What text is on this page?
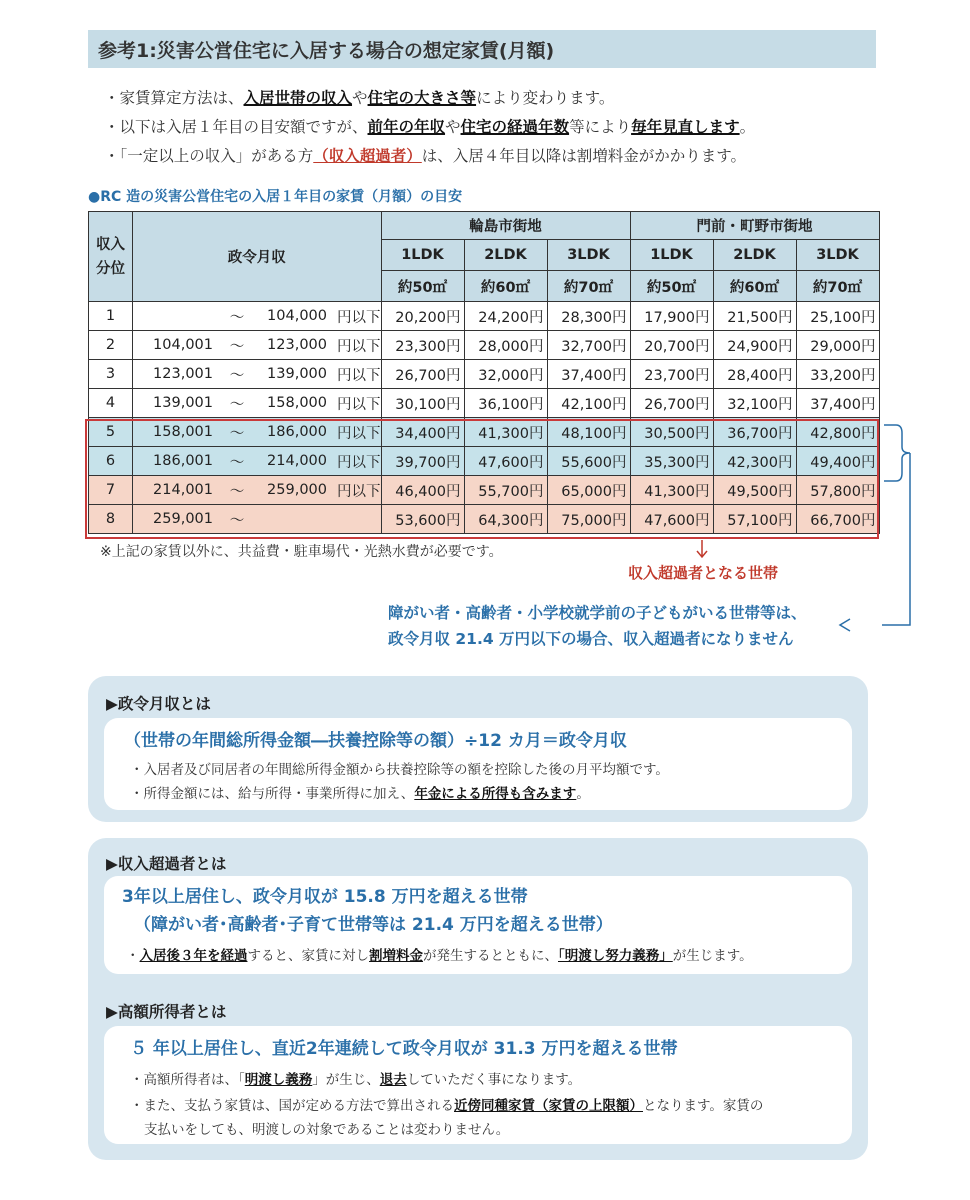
参考1:災害公営住宅に入居する場合の想定家賃(月額)
・家賃算定方法は、入居世帯の収入や住宅の大きさ等により変わります。
・以下は入居１年目の目安額ですが、前年の年収や住宅の経過年数等により毎年見直します。
・「一定以上の収入」がある方（収入超過者）は、入居４年目以降は割増料金がかかります。
●RC 造の災害公営住宅の入居１年目の家賃（月額）の目安
収入
分位	政令月収	輪島市街地			門前・町野市街地		
		1LDK	2LDK	3LDK	1LDK	2LDK	3LDK
		約50㎡	約60㎡	約70㎡	約50㎡	約60㎡	約70㎡
1	～ 104,000 円以下	20,200円	24,200円	28,300円	17,900円	21,500円	25,100円
2	104,001 ～ 123,000 円以下	23,300円	28,000円	32,700円	20,700円	24,900円	29,000円
3	123,001 ～ 139,000 円以下	26,700円	32,000円	37,400円	23,700円	28,400円	33,200円
4	139,001 ～ 158,000 円以下	30,100円	36,100円	42,100円	26,700円	32,100円	37,400円
5	158,001 ～ 186,000 円以下	34,400円	41,300円	48,100円	30,500円	36,700円	42,800円
6	186,001 ～ 214,000 円以下	39,700円	47,600円	55,600円	35,300円	42,300円	49,400円
7	214,001 ～ 259,000 円以下	46,400円	55,700円	65,000円	41,300円	49,500円	57,800円
8	259,001 ～	53,600円	64,300円	75,000円	47,600円	57,100円	66,700円
※上記の家賃以外に、共益費・駐車場代・光熱水費が必要です。
収入超過者となる世帯
障がい者・高齢者・小学校就学前の子どもがいる世帯等は、
政令月収 21.4 万円以下の場合、収入超過者になりません
▶政令月収とは
（世帯の年間総所得金額―扶養控除等の額）÷12 カ月＝政令月収
・入居者及び同居者の年間総所得金額から扶養控除等の額を控除した後の月平均額です。
・所得金額には、給与所得・事業所得に加え、年金による所得も含みます。
▶収入超過者とは
3年以上居住し、政令月収が 15.8 万円を超える世帯
（障がい者･高齢者･子育て世帯等は 21.4 万円を超える世帯）
・入居後３年を経過すると、家賃に対し割増料金が発生するとともに、「明渡し努力義務」が生じます。
▶高額所得者とは
５ 年以上居住し、直近2年連続して政令月収が 31.3 万円を超える世帯
・高額所得者は、「明渡し義務」が生じ、退去していただく事になります。
・また、支払う家賃は、国が定める方法で算出される近傍同種家賃（家賃の上限額）となります。家賃の
支払いをしても、明渡しの対象であることは変わりません。
